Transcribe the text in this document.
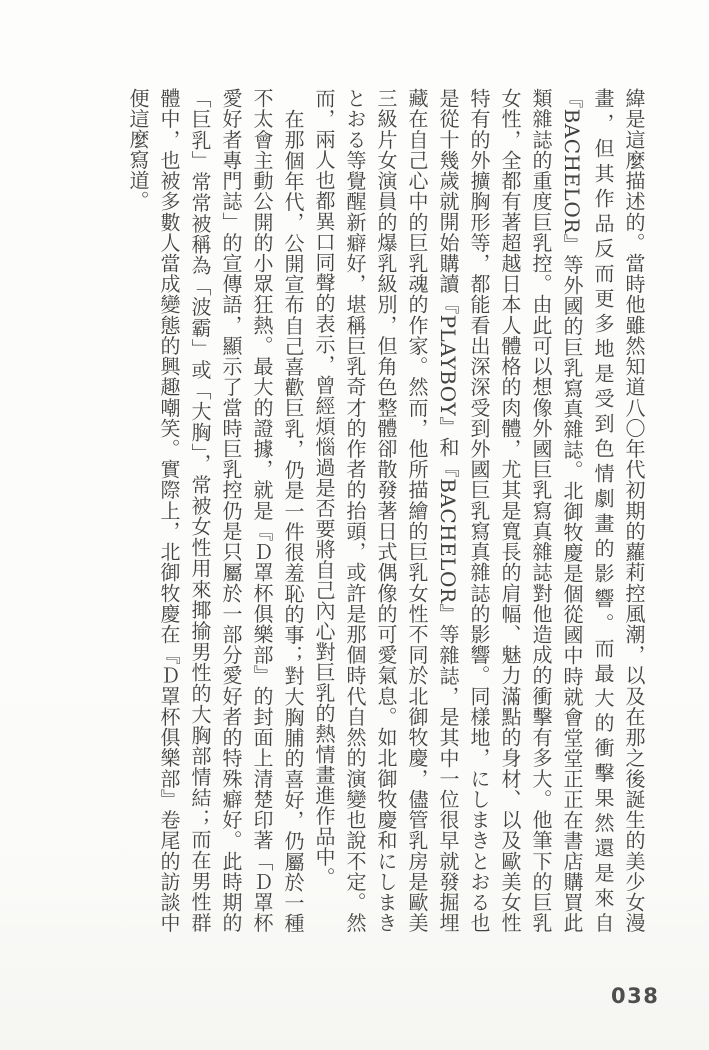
緯是這麼描述的。當時他雖然知道八〇年代初期的蘿莉控風潮，以及在那之後誕生的美少女漫畫，但其作品反而更多地是受到色情劇畫的影響。而最大的衝擊果然還是來自『BACHELOR』等外國的巨乳寫真雜誌。北御牧慶是個從國中時就會堂堂正正在書店購買此類雜誌的重度巨乳控。由此可以想像外國巨乳寫真雜誌對他造成的衝擊有多大。他筆下的巨乳女性，全都有著超越日本人體格的肉體，尤其是寬長的肩幅、魅力滿點的身材、以及歐美女性特有的外擴胸形等，都能看出深深受到外國巨乳寫真雜誌的影響。同樣地，にしまきとおる也是從十幾歲就開始購讀『PLAYBOY』和『BACHELOR』等雜誌，是其中一位很早就發掘埋藏在自己心中的巨乳魂的作家。然而，他所描繪的巨乳女性不同於北御牧慶，儘管乳房是歐美三級片女演員的爆乳級別，但角色整體卻散發著日式偶像的可愛氣息。如北御牧慶和にしまきとおる等覺醒新癖好，堪稱巨乳奇才的作者的抬頭，或許是那個時代自然的演變也說不定。然而，兩人也都異口同聲的表示，曾經煩惱過是否要將自己內心對巨乳的熱情畫進作品中。

在那個年代，公開宣布自己喜歡巨乳，仍是一件很羞恥的事；對大胸脯的喜好，仍屬於一種不太會主動公開的小眾狂熱。最大的證據，就是『Ｄ罩杯俱樂部』的封面上清楚印著「Ｄ罩杯愛好者專門誌」的宣傳語，顯示了當時巨乳控仍是只屬於一部分愛好者的特殊癖好。此時期的「巨乳」常常被稱為「波霸」或「大胸」，常被女性用來揶揄男性的大胸部情結；而在男性群體中，也被多數人當成變態的興趣嘲笑。實際上，北御牧慶在『Ｄ罩杯俱樂部』卷尾的訪談中便這麼寫道。

038
